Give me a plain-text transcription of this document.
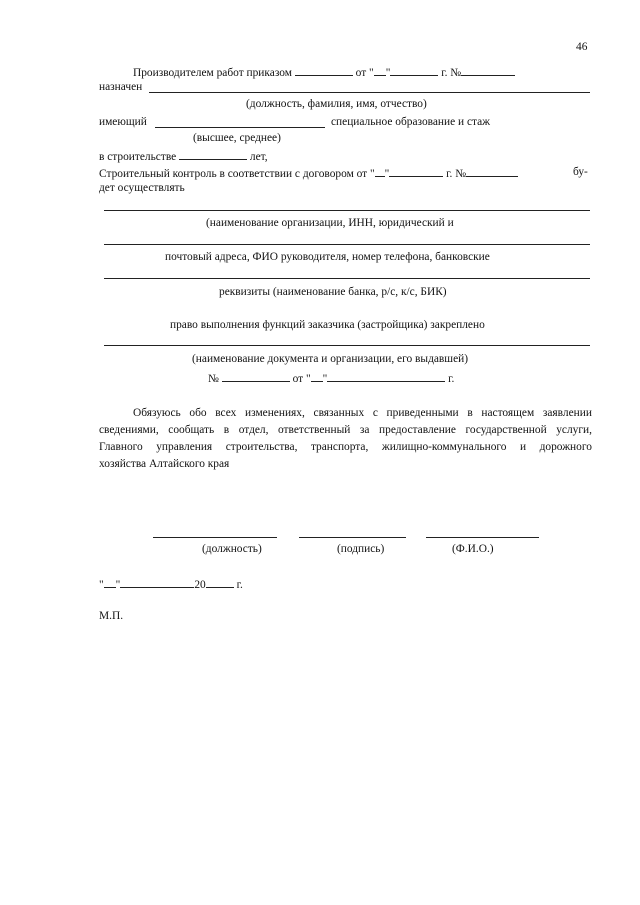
46
Производителем работ приказом	от " "	г. №
назначен
(должность, фамилия, имя, отчество)
имеющий	специальное образование и стаж
(высшее, среднее)
в строительстве	лет,
Строительный контроль в соответствии с договором от " "	г. №	бу-
дет осуществлять
(наименование организации, ИНН, юридический и
почтовый адреса, ФИО руководителя, номер телефона, банковские
реквизиты (наименование банка, р/с, к/с, БИК)
право выполнения функций заказчика (застройщика) закреплено
(наименование документа и организации, его выдавшей)
№	от " "	г.
Обязуюсь обо всех изменениях, связанных с приведенными в настоящем заявлении
сведениями, сообщать в отдел, ответственный за предоставление государственной услуги,
Главного управления строительства, транспорта, жилищно-коммунального и дорожного
хозяйства Алтайского края
(должность)	(подпись)	(Ф.И.О.)
" "	20	г.
М.П.
